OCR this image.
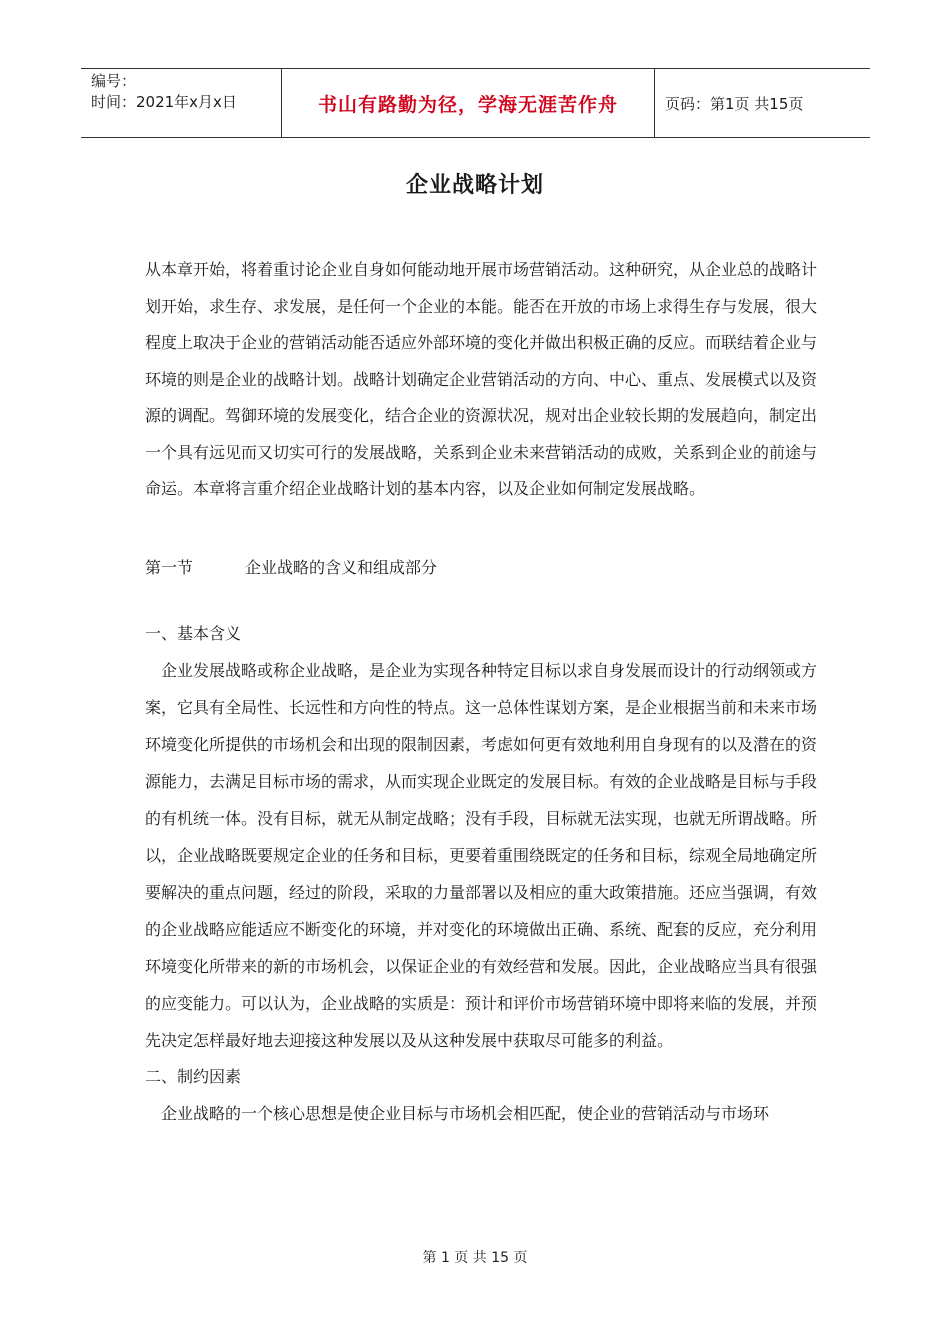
编号：
时间：2021年x月x日	书山有路勤为径，学海无涯苦作舟	页码：第1页 共15页
企业战略计划

从本章开始，将着重讨论企业自身如何能动地开展市场营销活动。这种研究，从企业总的战略计划开始，求生存、求发展，是任何一个企业的本能。能否在开放的市场上求得生存与发展，很大程度上取决于企业的营销活动能否适应外部环境的变化并做出积极正确的反应。而联结着企业与环境的则是企业的战略计划。战略计划确定企业营销活动的方向、中心、重点、发展模式以及资源的调配。驾御环境的发展变化，结合企业的资源状况，规对出企业较长期的发展趋向，制定出一个具有远见而又切实可行的发展战略，关系到企业未来营销活动的成败，关系到企业的前途与命运。本章将言重介绍企业战略计划的基本内容，以及企业如何制定发展战略。

第一节	企业战略的含义和组成部分

一、基本含义

企业发展战略或称企业战略，是企业为实现各种特定目标以求自身发展而设计的行动纲领或方案，它具有全局性、长远性和方向性的特点。这一总体性谋划方案，是企业根据当前和未来市场环境变化所提供的市场机会和出现的限制因素，考虑如何更有效地利用自身现有的以及潜在的资源能力，去满足目标市场的需求，从而实现企业既定的发展目标。有效的企业战略是目标与手段的有机统一体。没有目标，就无从制定战略；没有手段，目标就无法实现，也就无所谓战略。所以，企业战略既要规定企业的任务和目标，更要着重围绕既定的任务和目标，综观全局地确定所要解决的重点问题，经过的阶段，采取的力量部署以及相应的重大政策措施。还应当强调，有效的企业战略应能适应不断变化的环境，并对变化的环境做出正确、系统、配套的反应，充分利用环境变化所带来的新的市场机会，以保证企业的有效经营和发展。因此，企业战略应当具有很强的应变能力。可以认为，企业战略的实质是：预计和评价市场营销环境中即将来临的发展，并预先决定怎样最好地去迎接这种发展以及从这种发展中获取尽可能多的利益。

二、制约因素

企业战略的一个核心思想是使企业目标与市场机会相匹配，使企业的营销活动与市场环

第 1 页 共 15 页
